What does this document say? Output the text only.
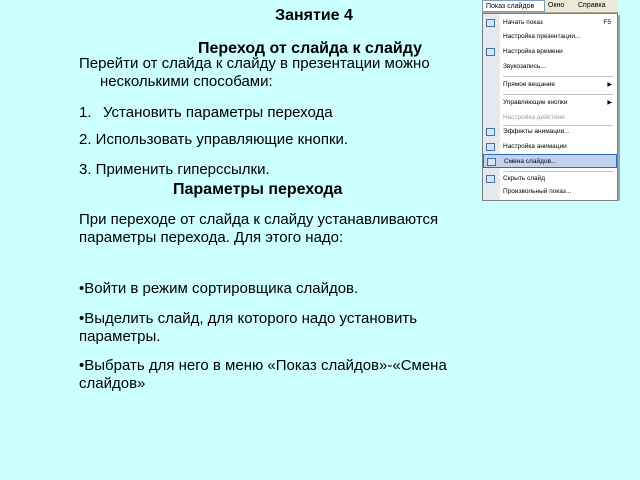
Занятие 4
Переход от слайда к слайду
Перейти от слайда к слайду в презентации можно
несколькими способами:
1. Установить параметры перехода
2. Использовать управляющие кнопки.
3. Применить гиперссылки.
Параметры перехода
При переходе от слайда к слайду устанавливаются параметры перехода. Для этого надо:
•Войти в режим сортировщика слайдов.
•Выделить слайд, для которого надо установить параметры.
•Выбрать для него в меню «Показ слайдов»-«Смена слайдов»
Показ слайдов	Окно Справка
Начать показ	F5
Настройка презентации...
Настройка времени
Звукозапись...
Прямое вещание	▶
Управляющие кнопки	▶
Настройка действия
Эффекты анимации...
Настройка анимации
Смена слайдов...
Скрыть слайд
Произвольный показ...
